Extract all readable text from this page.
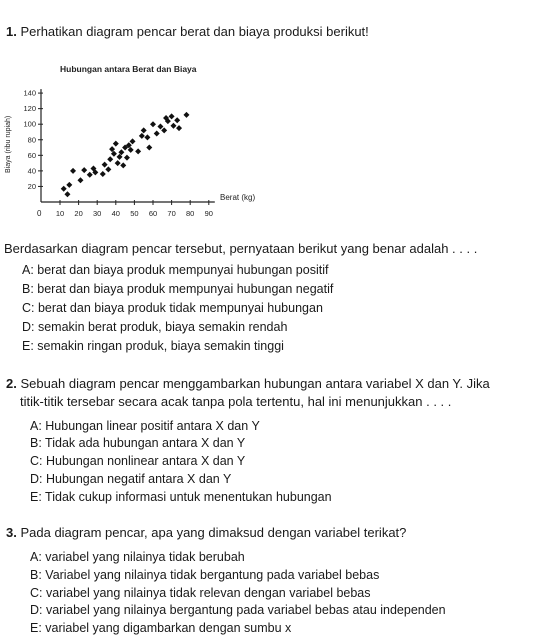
1. Perhatikan diagram pencar berat dan biaya produksi berikut!
10 20 30 40 50 60 70 80 90
20
40
60
80
100
120
140
Hubungan antara Berat dan Biaya
Berat (kg)
Biaya (ribu rupiah)
0
Berdasarkan diagram pencar tersebut, pernyataan berikut yang benar adalah . . . .
A: berat dan biaya produk mempunyai hubungan positif
B: berat dan biaya produk mempunyai hubungan negatif
C: berat dan biaya produk tidak mempunyai hubungan
D: semakin berat produk, biaya semakin rendah
E: semakin ringan produk, biaya semakin tinggi
2. Sebuah diagram pencar menggambarkan hubungan antara variabel X dan Y. Jika
titik-titik tersebar secara acak tanpa pola tertentu, hal ini menunjukkan . . . .
A: Hubungan linear positif antara X dan Y
B: Tidak ada hubungan antara X dan Y
C: Hubungan nonlinear antara X dan Y
D: Hubungan negatif antara X dan Y
E: Tidak cukup informasi untuk menentukan hubungan
3. Pada diagram pencar, apa yang dimaksud dengan variabel terikat?
A: variabel yang nilainya tidak berubah
B: Variabel yang nilainya tidak bergantung pada variabel bebas
C: variabel yang nilainya tidak relevan dengan variabel bebas
D: variabel yang nilainya bergantung pada variabel bebas atau independen
E: variabel yang digambarkan dengan sumbu x
